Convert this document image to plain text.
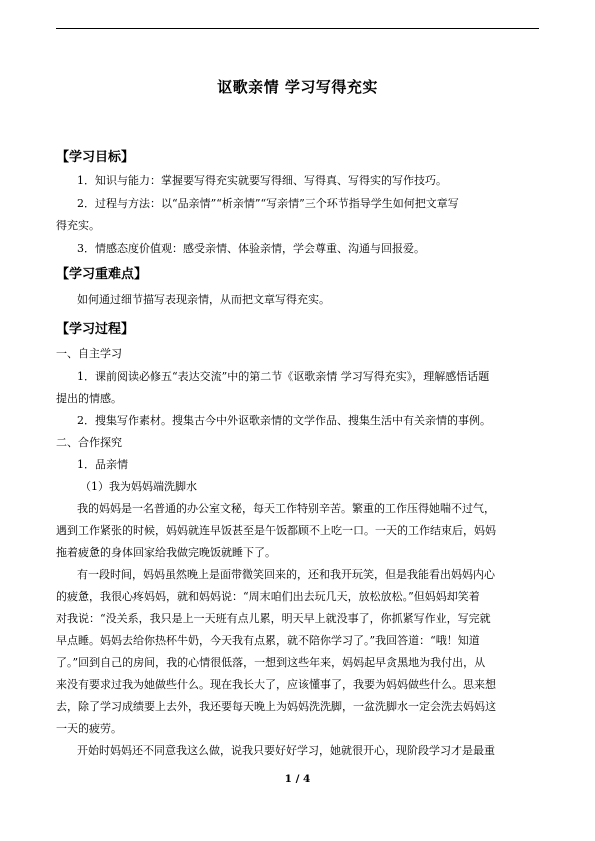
讴歌亲情 学习写得充实
【学习目标】
1．知识与能力：掌握要写得充实就要写得细、写得真、写得实的写作技巧。
2．过程与方法：以“品亲情”“析亲情”“写亲情”三个环节指导学生如何把文章写
得充实。
3．情感态度价值观：感受亲情、体验亲情，学会尊重、沟通与回报爱。
【学习重难点】
如何通过细节描写表现亲情，从而把文章写得充实。
【学习过程】
一、自主学习
1．课前阅读必修五“表达交流”中的第二节《讴歌亲情 学习写得充实》，理解感悟话题
提出的情感。
2．搜集写作素材。搜集古今中外讴歌亲情的文学作品、搜集生活中有关亲情的事例。
二、合作探究
1．品亲情
（1）我为妈妈端洗脚水
我的妈妈是一名普通的办公室文秘，每天工作特别辛苦。繁重的工作压得她喘不过气，
遇到工作紧张的时候，妈妈就连早饭甚至是午饭都顾不上吃一口。一天的工作结束后，妈妈
拖着疲惫的身体回家给我做完晚饭就睡下了。
有一段时间，妈妈虽然晚上是面带微笑回来的，还和我开玩笑，但是我能看出妈妈内心
的疲惫，我很心疼妈妈，就和妈妈说：“周末咱们出去玩几天，放松放松。”但妈妈却笑着
对我说：“没关系，我只是上一天班有点儿累，明天早上就没事了，你抓紧写作业，写完就
早点睡。妈妈去给你热杯牛奶，今天我有点累，就不陪你学习了。”我回答道：“哦！知道
了。”回到自己的房间，我的心情很低落，一想到这些年来，妈妈起早贪黑地为我付出，从
来没有要求过我为她做些什么。现在我长大了，应该懂事了，我要为妈妈做些什么。思来想
去，除了学习成绩要上去外，我还要每天晚上为妈妈洗洗脚，一盆洗脚水一定会洗去妈妈这
一天的疲劳。
开始时妈妈还不同意我这么做，说我只要好好学习，她就很开心，现阶段学习才是最重
1 / 4
